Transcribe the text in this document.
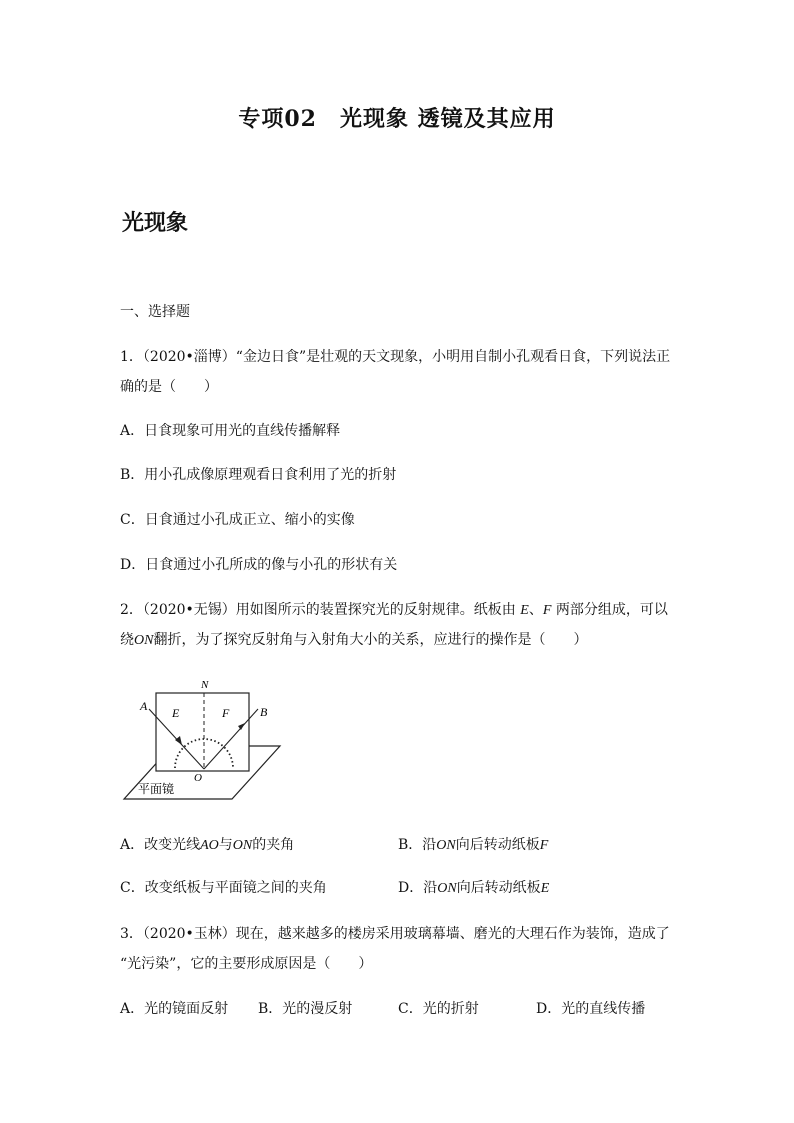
专项02　光现象 透镜及其应用
光现象
一、选择题
1．（2020•淄博）“金边日食”是壮观的天文现象，小明用自制小孔观看日食，下列说法正
确的是（　　）
A．日食现象可用光的直线传播解释
B．用小孔成像原理观看日食利用了光的折射
C．日食通过小孔成正立、缩小的实像
D．日食通过小孔所成的像与小孔的形状有关
2．（2020•无锡）用如图所示的装置探究光的反射规律。纸板由 E、F 两部分组成，可以
绕ON翻折，为了探究反射角与入射角大小的关系，应进行的操作是（　　）
N
A	B
E	F
O
平面镜
A．改变光线AO与ON的夹角	B．沿ON向后转动纸板F
C．改变纸板与平面镜之间的夹角	D．沿ON向后转动纸板E
3．（2020•玉林）现在，越来越多的楼房采用玻璃幕墙、磨光的大理石作为装饰，造成了
“光污染”，它的主要形成原因是（　　）
A．光的镜面反射 B．光的漫反射	C．光的折射	D．光的直线传播
